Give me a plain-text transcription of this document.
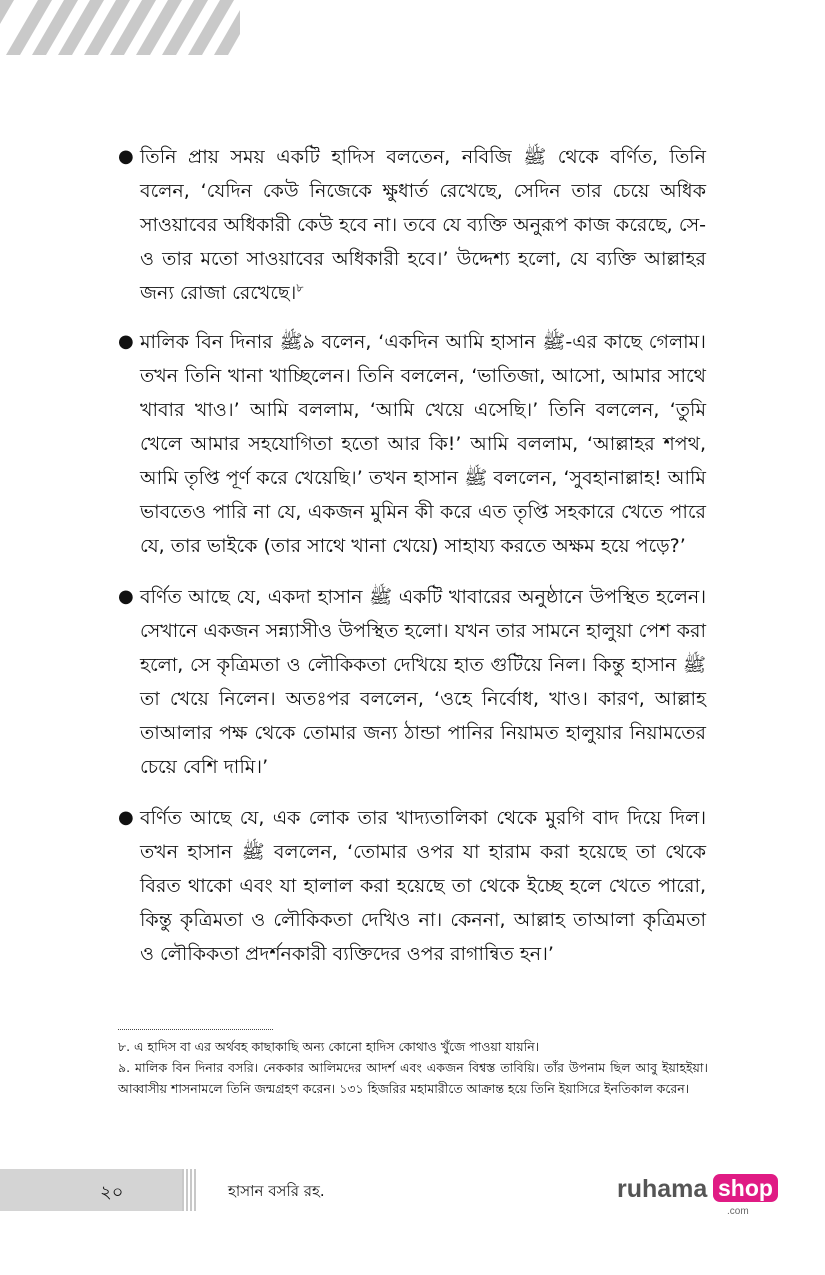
● তিনি প্রায় সময় একটি হাদিস বলতেন, নবিজি ﷺ থেকে বর্ণিত, তিনি বলেন, ‘যেদিন কেউ নিজেকে ক্ষুধার্ত রেখেছে, সেদিন তার চেয়ে অধিক সাওয়াবের অধিকারী কেউ হবে না। তবে যে ব্যক্তি অনুরূপ কাজ করেছে, সে-ও তার মতো সাওয়াবের অধিকারী হবে।’ উদ্দেশ্য হলো, যে ব্যক্তি আল্লাহর জন্য রোজা রেখেছে।$^৮$
● মালিক বিন দিনার ﷺ৯ বলেন, ‘একদিন আমি হাসান ﷺ-এর কাছে গেলাম। তখন তিনি খানা খাচ্ছিলেন। তিনি বললেন, ‘ভাতিজা, আসো, আমার সাথে খাবার খাও।’ আমি বললাম, ‘আমি খেয়ে এসেছি।’ তিনি বললেন, ‘তুমি খেলে আমার সহযোগিতা হতো আর কি!’ আমি বললাম, ‘আল্লাহর শপথ, আমি তৃপ্তি পূর্ণ করে খেয়েছি।’ তখন হাসান ﷺ বললেন, ‘সুবহানাল্লাহ! আমি ভাবতেও পারি না যে, একজন মুমিন কী করে এত তৃপ্তি সহকারে খেতে পারে যে, তার ভাইকে (তার সাথে খানা খেয়ে) সাহায্য করতে অক্ষম হয়ে পড়ে?’
● বর্ণিত আছে যে, একদা হাসান ﷺ একটি খাবারের অনুষ্ঠানে উপস্থিত হলেন। সেখানে একজন সন্ন্যাসীও উপস্থিত হলো। যখন তার সামনে হালুয়া পেশ করা হলো, সে কৃত্রিমতা ও লৌকিকতা দেখিয়ে হাত গুটিয়ে নিল। কিন্তু হাসান ﷺ তা খেয়ে নিলেন। অতঃপর বললেন, ‘ওহে নির্বোধ, খাও। কারণ, আল্লাহ তাআলার পক্ষ থেকে তোমার জন্য ঠান্ডা পানির নিয়ামত হালুয়ার নিয়ামতের চেয়ে বেশি দামি।’
● বর্ণিত আছে যে, এক লোক তার খাদ্যতালিকা থেকে মুরগি বাদ দিয়ে দিল। তখন হাসান ﷺ বললেন, ‘তোমার ওপর যা হারাম করা হয়েছে তা থেকে বিরত থাকো এবং যা হালাল করা হয়েছে তা থেকে ইচ্ছে হলে খেতে পারো, কিন্তু কৃত্রিমতা ও লৌকিকতা দেখিও না। কেননা, আল্লাহ তাআলা কৃত্রিমতা ও লৌকিকতা প্রদর্শনকারী ব্যক্তিদের ওপর রাগান্বিত হন।’
৮. এ হাদিস বা এর অর্থবহ কাছাকাছি অন্য কোনো হাদিস কোথাও খুঁজে পাওয়া যায়নি।
৯. মালিক বিন দিনার বসরি। নেককার আলিমদের আদর্শ এবং একজন বিশ্বস্ত তাবিয়ি। তাঁর উপনাম ছিল আবু ইয়াহইয়া। আব্বাসীয় শাসনামলে তিনি জন্মগ্রহণ করেন। ১৩১ হিজরির মহামারীতে আক্রান্ত হয়ে তিনি ইয়াসিরে ইনতিকাল করেন।
২০	হাসান বসরি রহ.	ruhama shop
.com
